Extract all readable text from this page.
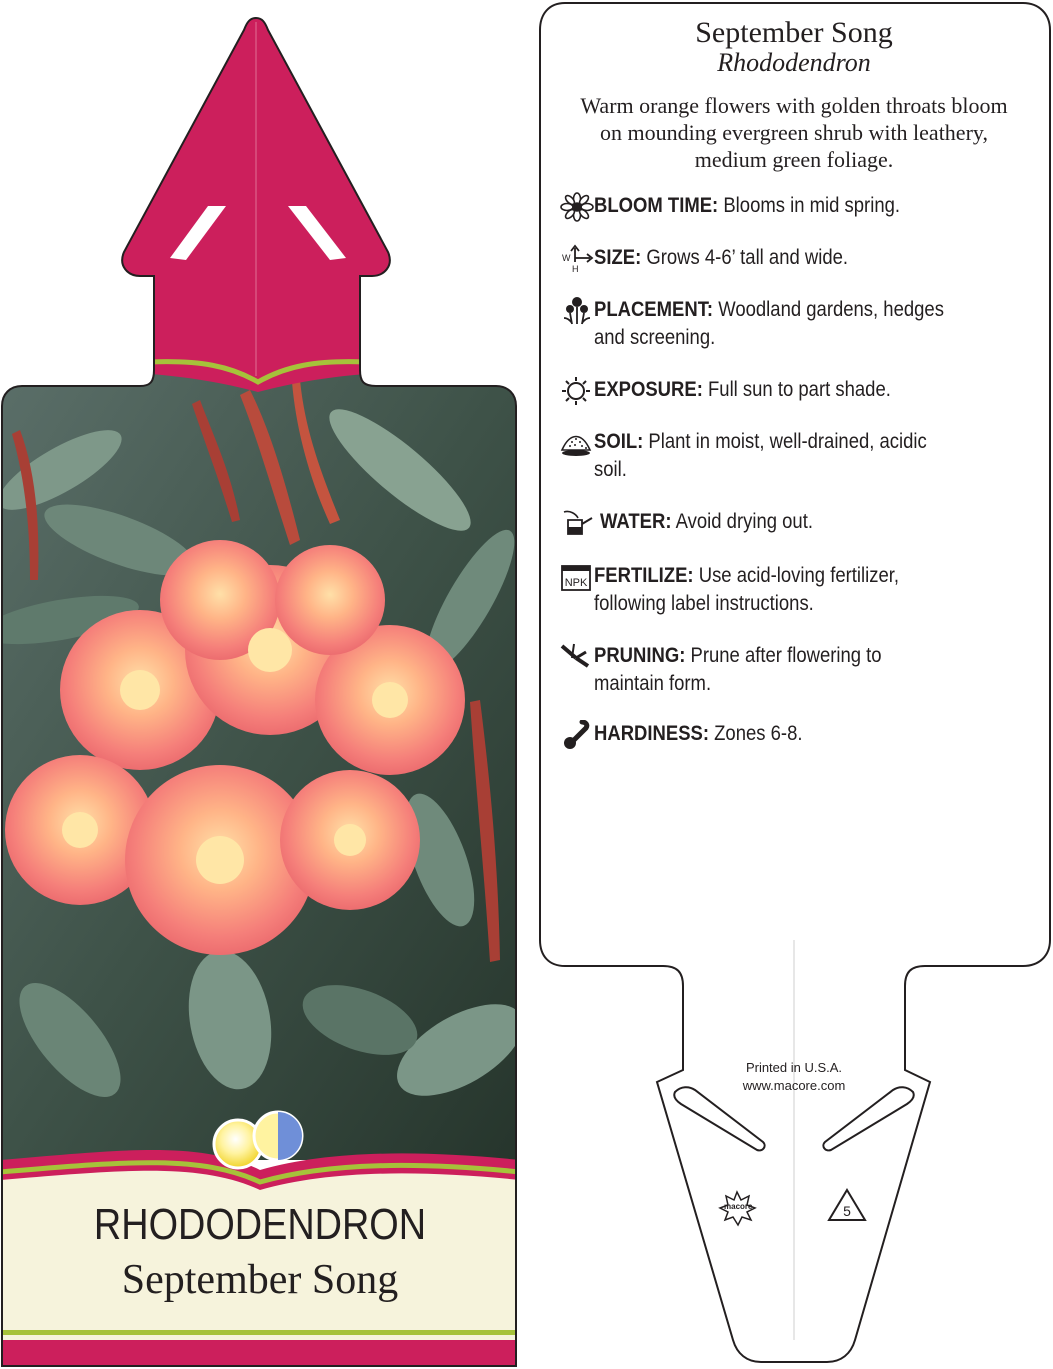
RHODODENDRON
September Song
September Song
Rhododendron
Warm orange flowers with golden throats bloom
on mounding evergreen shrub with leathery,
medium green foliage.
Printed in U.S.A.
www.macore.com
macore	5
BLOOM TIME: Blooms in mid spring.
W
H SIZE: Grows 4-6’ tall and wide.
PLACEMENT: Woodland gardens, hedges
and screening.
EXPOSURE: Full sun to part shade.
SOIL: Plant in moist, well-drained, acidic
soil.
WATER: Avoid drying out.
NPK FERTILIZE: Use acid-loving fertilizer,
following label instructions.
PRUNING: Prune after flowering to
maintain form.
HARDINESS: Zones 6-8.
